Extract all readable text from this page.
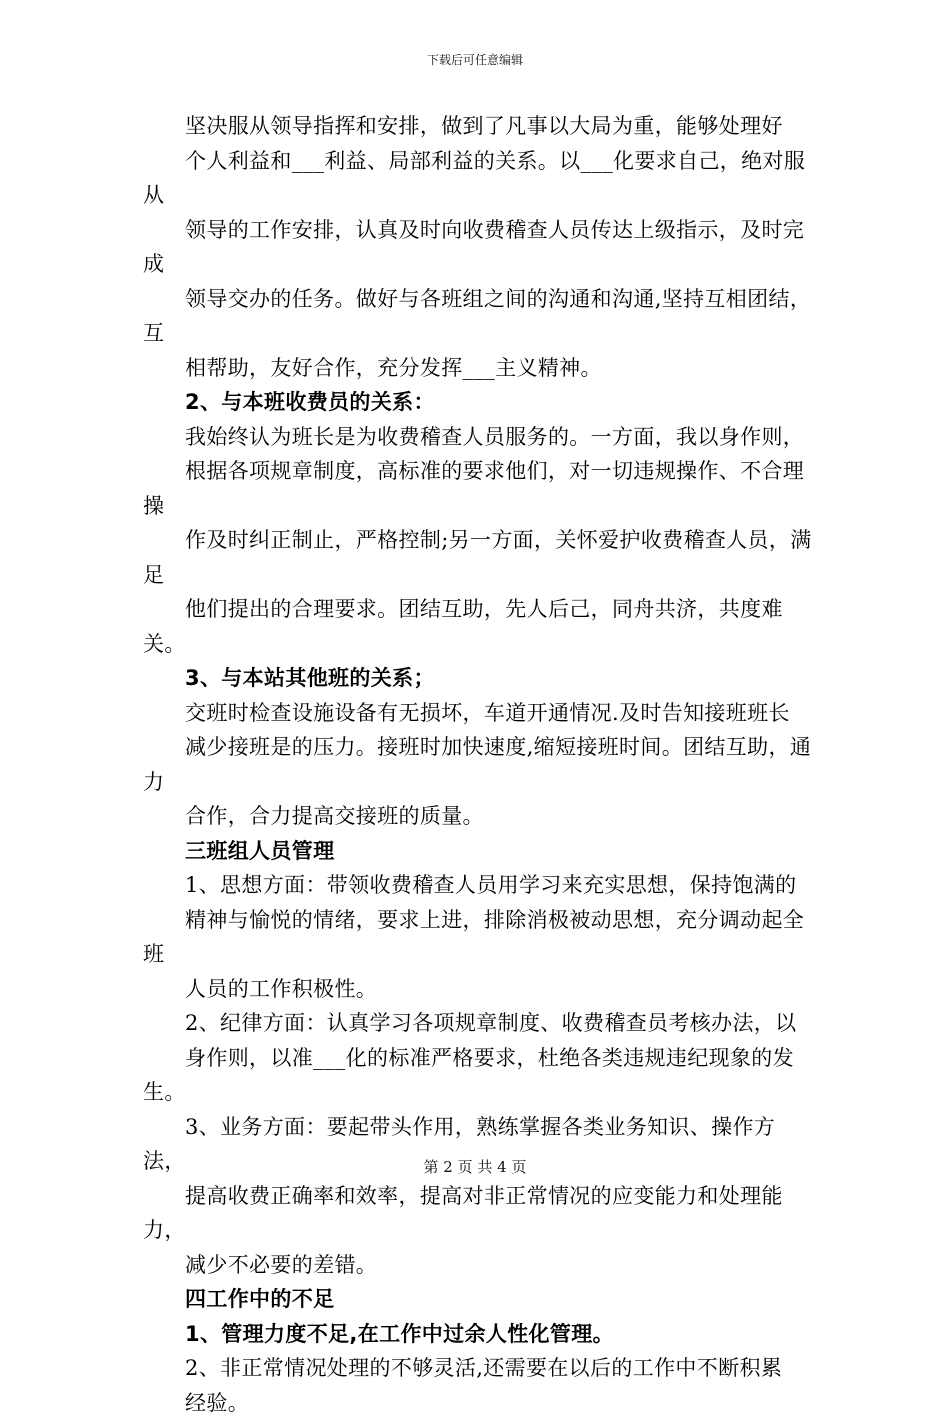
下载后可任意编辑

坚决服从领导指挥和安排，做到了凡事以大局为重，能够处理好
个人利益和___利益、局部利益的关系。以___化要求自己，绝对服从
领导的工作安排，认真及时向收费稽查人员传达上级指示，及时完成
领导交办的任务。做好与各班组之间的沟通和沟通,坚持互相团结，互
相帮助，友好合作，充分发挥___主义精神。

2、与本班收费员的关系：

我始终认为班长是为收费稽查人员服务的。一方面，我以身作则，
根据各项规章制度，高标准的要求他们，对一切违规操作、不合理操
作及时纠正制止，严格控制;另一方面，关怀爱护收费稽查人员，满足
他们提出的合理要求。团结互助，先人后己，同舟共济，共度难关。

3、与本站其他班的关系；

交班时检查设施设备有无损坏，车道开通情况.及时告知接班班长
减少接班是的压力。接班时加快速度,缩短接班时间。团结互助，通力
合作，合力提高交接班的质量。

三班组人员管理

1、思想方面：带领收费稽查人员用学习来充实思想，保持饱满的
精神与愉悦的情绪，要求上进，排除消极被动思想，充分调动起全班
人员的工作积极性。

2、纪律方面：认真学习各项规章制度、收费稽查员考核办法，以
身作则，以准___化的标准严格要求，杜绝各类违规违纪现象的发生。

3、业务方面：要起带头作用，熟练掌握各类业务知识、操作方法，
提高收费正确率和效率，提高对非正常情况的应变能力和处理能力，
减少不必要的差错。

四工作中的不足

1、管理力度不足,在工作中过余人性化管理。

2、非正常情况处理的不够灵活,还需要在以后的工作中不断积累
经验。

第 2 页 共 4 页
